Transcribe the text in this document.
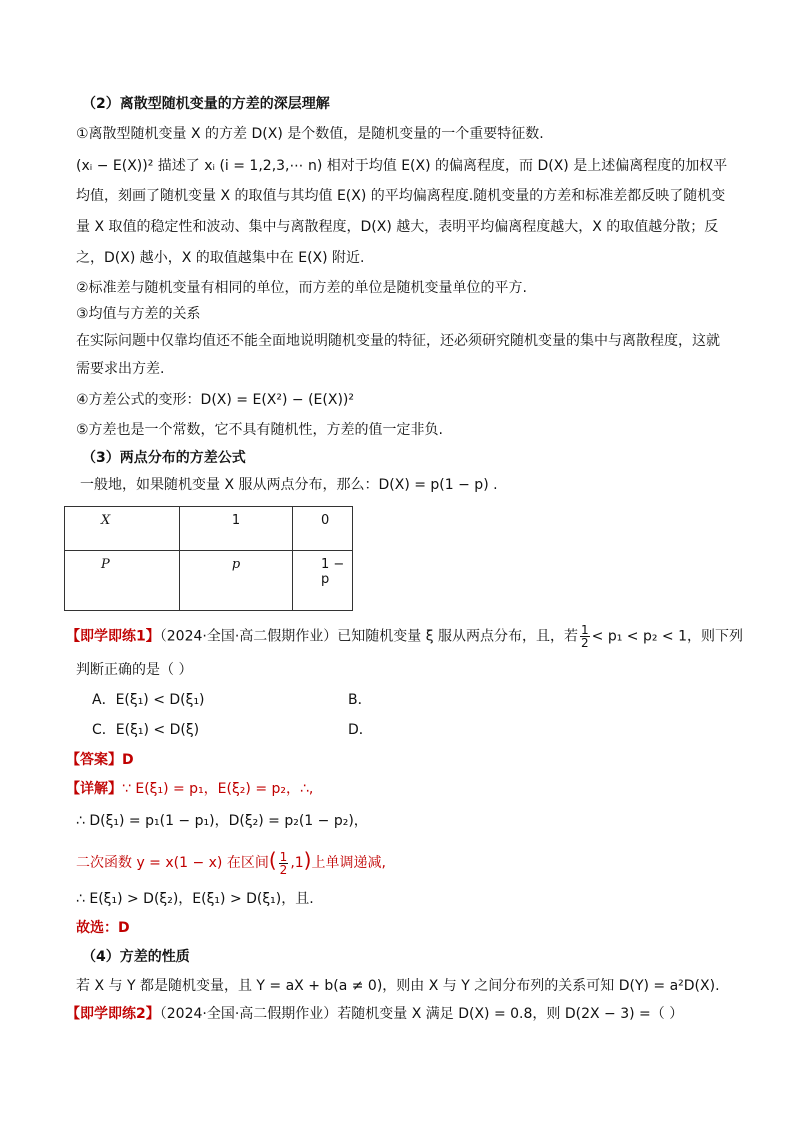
（2）离散型随机变量的方差的深层理解
①离散型随机变量 X 的方差 D(X) 是个数值，是随机变量的一个重要特征数.
(xᵢ − E(X))² 描述了 xᵢ (i = 1,2,3,⋯ n) 相对于均值 E(X) 的偏离程度，而 D(X) 是上述偏离程度的加权平
均值，刻画了随机变量 X 的取值与其均值 E(X) 的平均偏离程度.随机变量的方差和标准差都反映了随机变
量 X 取值的稳定性和波动、集中与离散程度，D(X) 越大，表明平均偏离程度越大，X 的取值越分散；反
之，D(X) 越小，X 的取值越集中在 E(X) 附近.
②标准差与随机变量有相同的单位，而方差的单位是随机变量单位的平方.
③均值与方差的关系
在实际问题中仅靠均值还不能全面地说明随机变量的特征，还必须研究随机变量的集中与离散程度，这就
需要求出方差.
④方差公式的变形：D(X) = E(X²) − (E(X))²
⑤方差也是一个常数，它不具有随机性，方差的值一定非负.
（3）两点分布的方差公式
一般地，如果随机变量 X 服从两点分布，那么：D(X) = p(1 − p) .
X	1	0
P	p	1 − p
【即学即练1】（2024·全国·高二假期作业）已知随机变量 ξ 服从两点分布，且，若 $\frac{1}{2} < p_1 < p_2 < 1$，则下列
判断正确的是（ ）
A．E(ξ₁) < D(ξ₁)	B．
C．E(ξ₁) < D(ξ)	D．
【答案】D
【详解】∵ E(ξ₁) = p₁，E(ξ₂) = p₂，∴,
∴ D(ξ₁) = p₁(1 − p₁)，D(ξ₂) = p₂(1 − p₂)，
二次函数 y = x(1 − x) 在区间( $\frac{1}{2} ,1$)上单调递减,
∴ E(ξ₁) > D(ξ₂)，E(ξ₁) > D(ξ₁)，且.
故选：D
（4）方差的性质
若 X 与 Y 都是随机变量，且 Y = aX + b(a ≠ 0)，则由 X 与 Y 之间分布列的关系可知 D(Y) = a²D(X).
【即学即练2】（2024·全国·高二假期作业）若随机变量 X 满足 D(X) = 0.8，则 D(2X − 3) =（ ）
